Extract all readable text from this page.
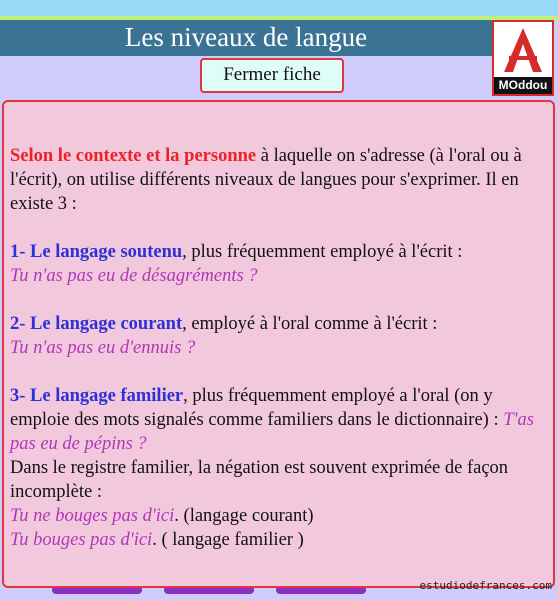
Les niveaux de langue
MOddou
Fermer fiche

Selon le contexte et la personne à laquelle on s'adresse (à l'oral ou à l'écrit), on utilise différents niveaux de langues pour s'exprimer. Il en existe 3 :

1- Le langage soutenu, plus fréquemment employé à l'écrit :

Tu n'as pas eu de désagréments ?

2- Le langage courant, employé à l'oral comme à l'écrit :

Tu n'as pas eu d'ennuis ?

3- Le langage familier, plus fréquemment employé a l'oral (on y emploie des mots signalés comme familiers dans le dictionnaire) : T'as pas eu de pépins ?

Dans le registre familier, la négation est souvent exprimée de façon incomplète :

Tu ne bouges pas d'ici. (langage courant)

Tu bouges pas d'ici. ( langage familier )

estudiodefrances.com
